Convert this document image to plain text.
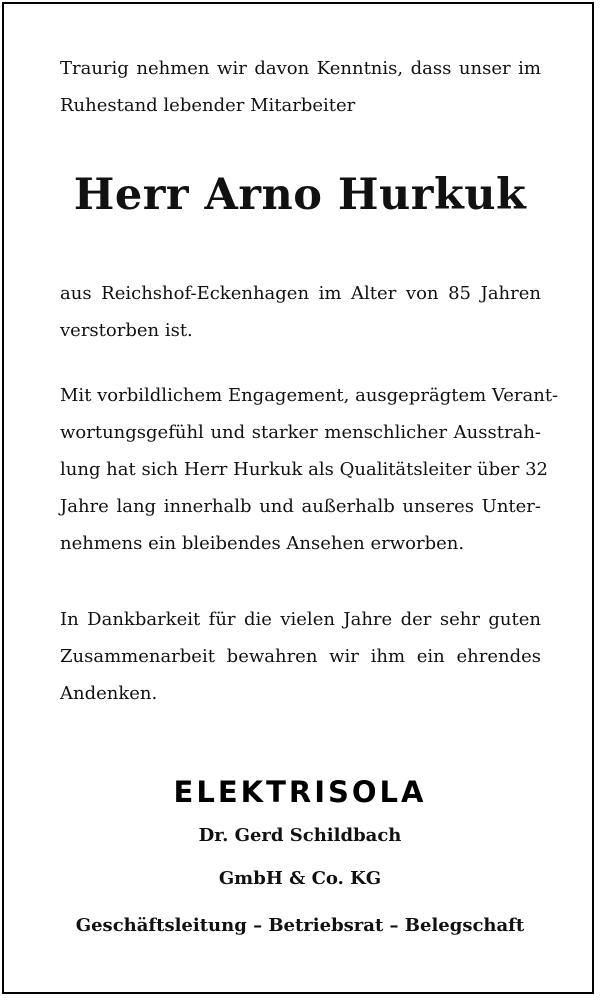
Traurig nehmen wir davon Kenntnis, dass unser im
Ruhestand lebender Mitarbeiter
Herr Arno Hurkuk
aus Reichshof-Eckenhagen im Alter von 85 Jahren
verstorben ist.
Mit vorbildlichem Engagement, ausgeprägtem Verant-
wortungsgefühl und starker menschlicher Ausstrah-
lung hat sich Herr Hurkuk als Qualitätsleiter über 32
Jahre lang innerhalb und außerhalb unseres Unter-
nehmens ein bleibendes Ansehen erworben.
In Dankbarkeit für die vielen Jahre der sehr guten
Zusammenarbeit bewahren wir ihm ein ehrendes
Andenken.
ELEKTRISOLA
Dr. Gerd Schildbach
GmbH & Co. KG
Geschäftsleitung – Betriebsrat – Belegschaft
